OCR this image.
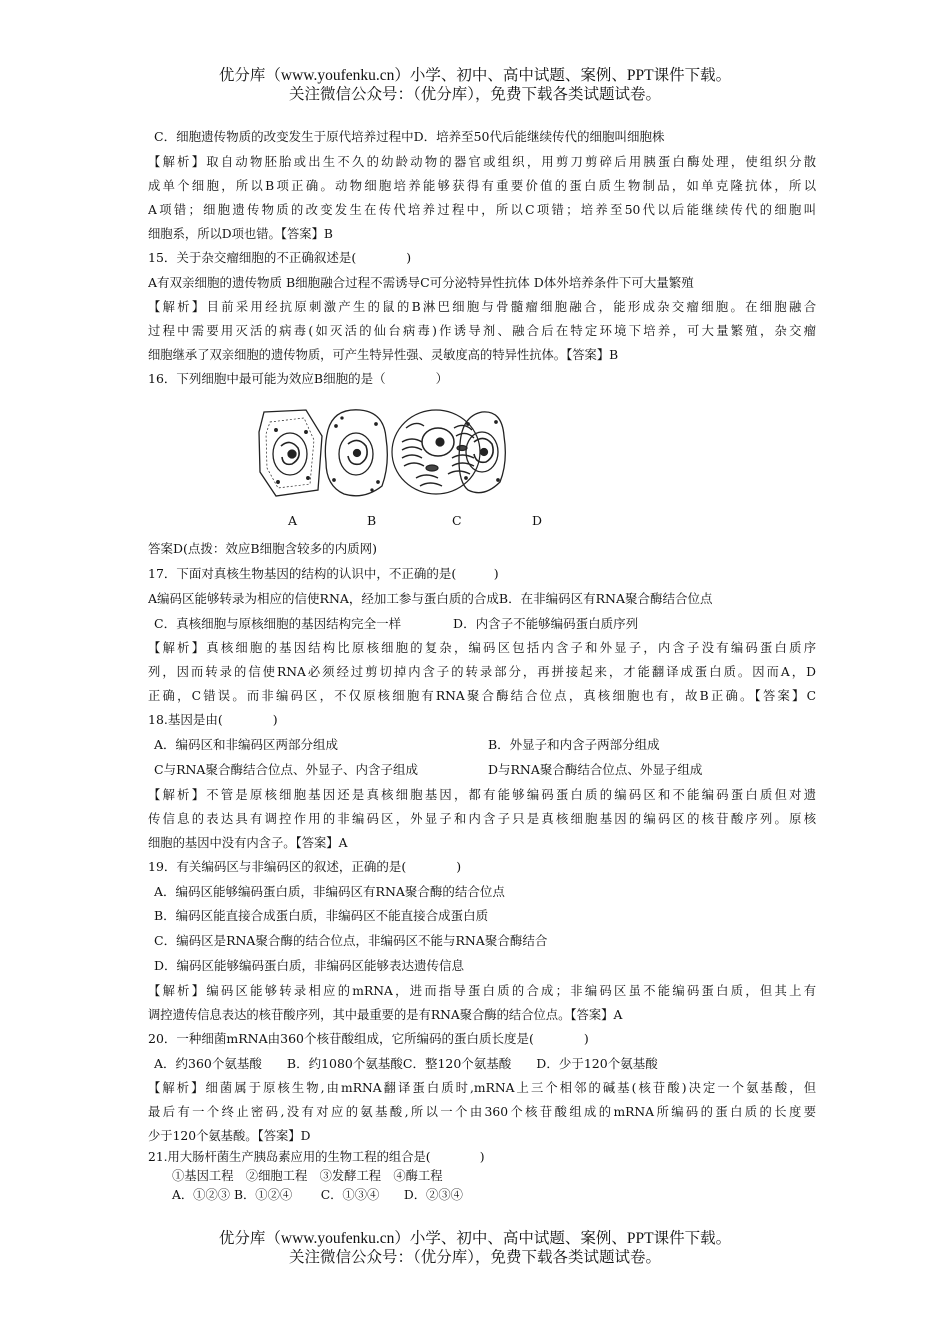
优分库（www.youfenku.cn）小学、初中、高中试题、案例、PPT课件下载。
关注微信公众号：（优分库），免费下载各类试题试卷。
C．细胞遗传物质的改变发生于原代培养过程中D．培养至50代后能继续传代的细胞叫细胞株
【解析】取自动物胚胎或出生不久的幼龄动物的器官或组织，用剪刀剪碎后用胰蛋白酶处理，使组织分散
成单个细胞，所以B项正确。动物细胞培养能够获得有重要价值的蛋白质生物制品，如单克隆抗体，所以
A项错；细胞遗传物质的改变发生在传代培养过程中，所以C项错；培养至50代以后能继续传代的细胞叫
细胞系，所以D项也错。【答案】B
15．关于杂交瘤细胞的不正确叙述是(　　　　)
A有双亲细胞的遗传物质 B细胞融合过程不需诱导C可分泌特异性抗体 D体外培养条件下可大量繁殖
【解析】目前采用经抗原刺激产生的鼠的B淋巴细胞与骨髓瘤细胞融合，能形成杂交瘤细胞。在细胞融合
过程中需要用灭活的病毒(如灭活的仙台病毒)作诱导剂、融合后在特定环境下培养，可大量繁殖，杂交瘤
细胞继承了双亲细胞的遗传物质，可产生特异性强、灵敏度高的特异性抗体。【答案】B
16．下列细胞中最可能为效应B细胞的是（　　　　）
A	B	C	D
答案D(点拨：效应B细胞含较多的内质网)
17．下面对真核生物基因的结构的认识中，不正确的是(　　　)
A编码区能够转录为相应的信使RNA，经加工参与蛋白质的合成B．在非编码区有RNA聚合酶结合位点
C．真核细胞与原核细胞的基因结构完全一样	D．内含子不能够编码蛋白质序列
【解析】真核细胞的基因结构比原核细胞的复杂，编码区包括内含子和外显子，内含子没有编码蛋白质序
列，因而转录的信使RNA必须经过剪切掉内含子的转录部分，再拼接起来，才能翻译成蛋白质。因而A，D
正确，C错误。而非编码区，不仅原核细胞有RNA聚合酶结合位点，真核细胞也有，故B正确。【答案】C
18.基因是由(　　　　)
A．编码区和非编码区两部分组成	B．外显子和内含子两部分组成
C与RNA聚合酶结合位点、外显子、内含子组成	D与RNA聚合酶结合位点、外显子组成
【解析】不管是原核细胞基因还是真核细胞基因，都有能够编码蛋白质的编码区和不能编码蛋白质但对遗
传信息的表达具有调控作用的非编码区，外显子和内含子只是真核细胞基因的编码区的核苷酸序列。原核
细胞的基因中没有内含子。【答案】A
19．有关编码区与非编码区的叙述，正确的是(　　　　)
A．编码区能够编码蛋白质，非编码区有RNA聚合酶的结合位点
B．编码区能直接合成蛋白质，非编码区不能直接合成蛋白质
C．编码区是RNA聚合酶的结合位点，非编码区不能与RNA聚合酶结合
D．编码区能够编码蛋白质，非编码区能够表达遗传信息
【解析】编码区能够转录相应的mRNA，进而指导蛋白质的合成；非编码区虽不能编码蛋白质，但其上有
调控遗传信息表达的核苷酸序列，其中最重要的是有RNA聚合酶的结合位点。【答案】A
20．一种细菌mRNA由360个核苷酸组成，它所编码的蛋白质长度是(　　　　)
A．约360个氨基酸　　B．约1080个氨基酸C．整120个氨基酸　　D．少于120个氨基酸
【解析】细菌属于原核生物,由mRNA翻译蛋白质时,mRNA上三个相邻的碱基(核苷酸)决定一个氨基酸，但
最后有一个终止密码,没有对应的氨基酸,所以一个由360个核苷酸组成的mRNA所编码的蛋白质的长度要
少于120个氨基酸。【答案】D
21.用大肠杆菌生产胰岛素应用的生物工程的组合是(　　　　)
①基因工程　②细胞工程　③发酵工程　④酶工程
A．①②③ B．①②④　　 C．①③④　　D．②③④
优分库（www.youfenku.cn）小学、初中、高中试题、案例、PPT课件下载。
关注微信公众号：（优分库），免费下载各类试题试卷。
